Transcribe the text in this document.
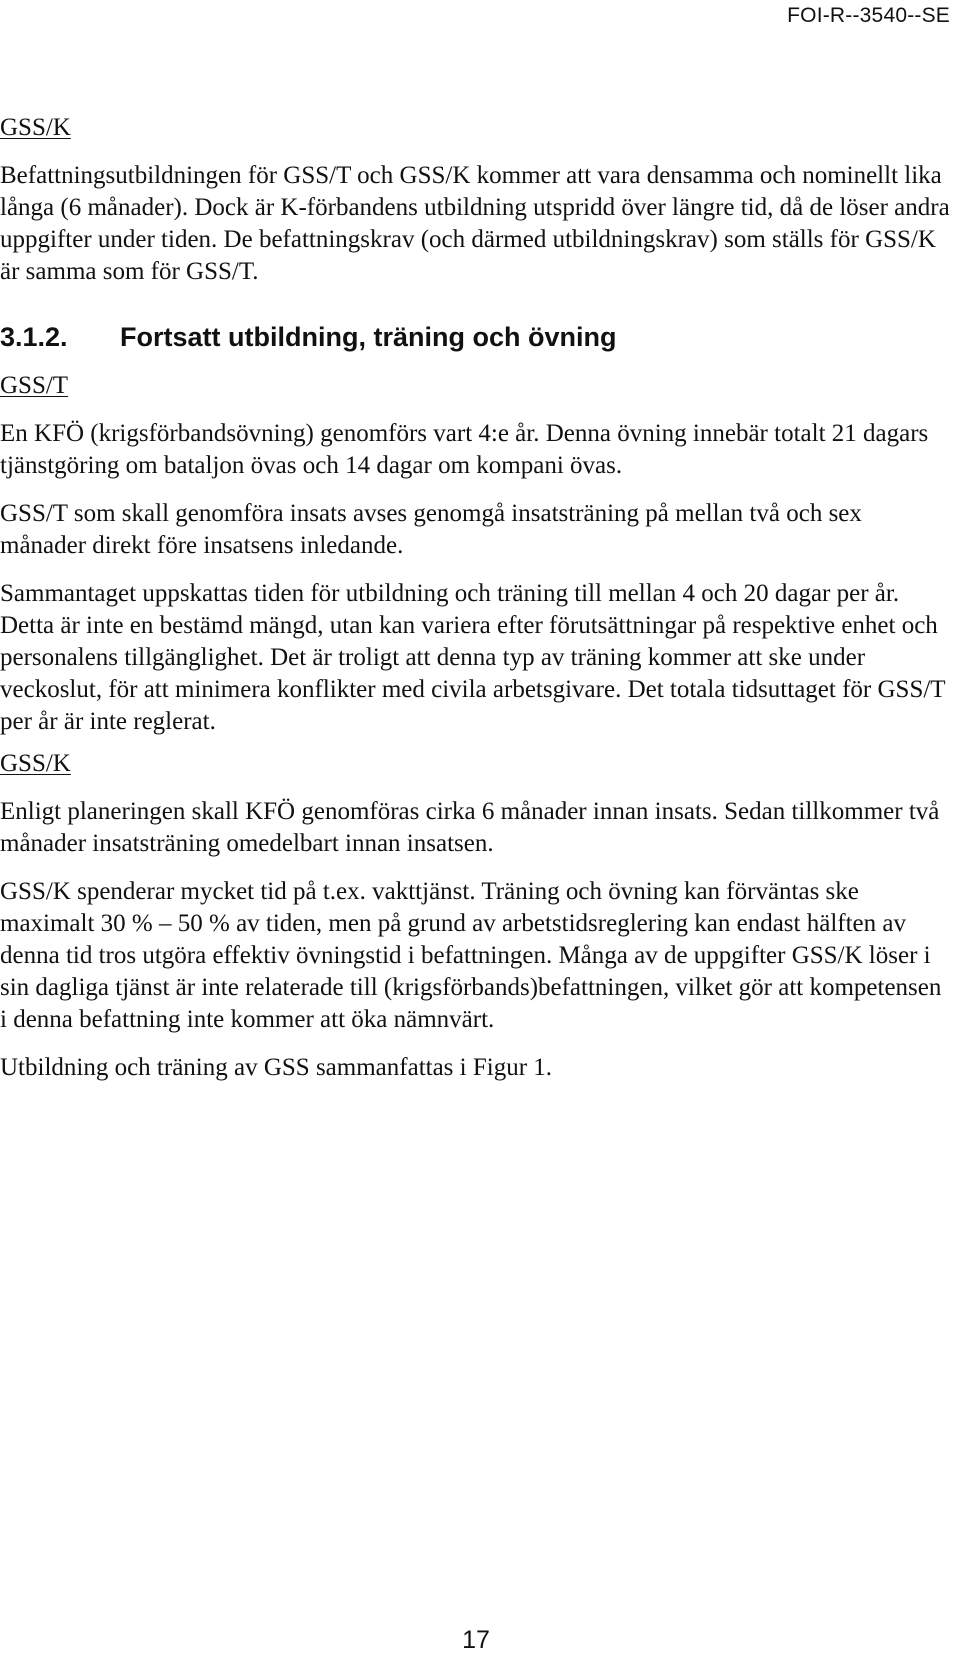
FOI-R--3540--SE

GSS/K

Befattningsutbildningen för GSS/T och GSS/K kommer att vara densamma och nominellt lika långa (6 månader). Dock är K-förbandens utbildning utspridd över längre tid, då de löser andra uppgifter under tiden. De befattningskrav (och därmed utbildningskrav) som ställs för GSS/K är samma som för GSS/T.

3.1.2.	Fortsatt utbildning, träning och övning

GSS/T

En KFÖ (krigsförbandsövning) genomförs vart 4:e år. Denna övning innebär totalt 21 dagars tjänstgöring om bataljon övas och 14 dagar om kompani övas.

GSS/T som skall genomföra insats avses genomgå insatsträning på mellan två och sex månader direkt före insatsens inledande.

Sammantaget uppskattas tiden för utbildning och träning till mellan 4 och 20 dagar per år. Detta är inte en bestämd mängd, utan kan variera efter förutsättningar på respektive enhet och personalens tillgänglighet. Det är troligt att denna typ av träning kommer att ske under veckoslut, för att minimera konflikter med civila arbetsgivare. Det totala tidsuttaget för GSS/T per år är inte reglerat.

GSS/K

Enligt planeringen skall KFÖ genomföras cirka 6 månader innan insats. Sedan tillkommer två månader insatsträning omedelbart innan insatsen.

GSS/K spenderar mycket tid på t.ex. vakttjänst. Träning och övning kan förväntas ske maximalt 30 % – 50 % av tiden, men på grund av arbetstidsreglering kan endast hälften av denna tid tros utgöra effektiv övningstid i befattningen. Många av de uppgifter GSS/K löser i sin dagliga tjänst är inte relaterade till (krigsförbands)befattningen, vilket gör att kompetensen i denna befattning inte kommer att öka nämnvärt.

Utbildning och träning av GSS sammanfattas i Figur 1.

17
